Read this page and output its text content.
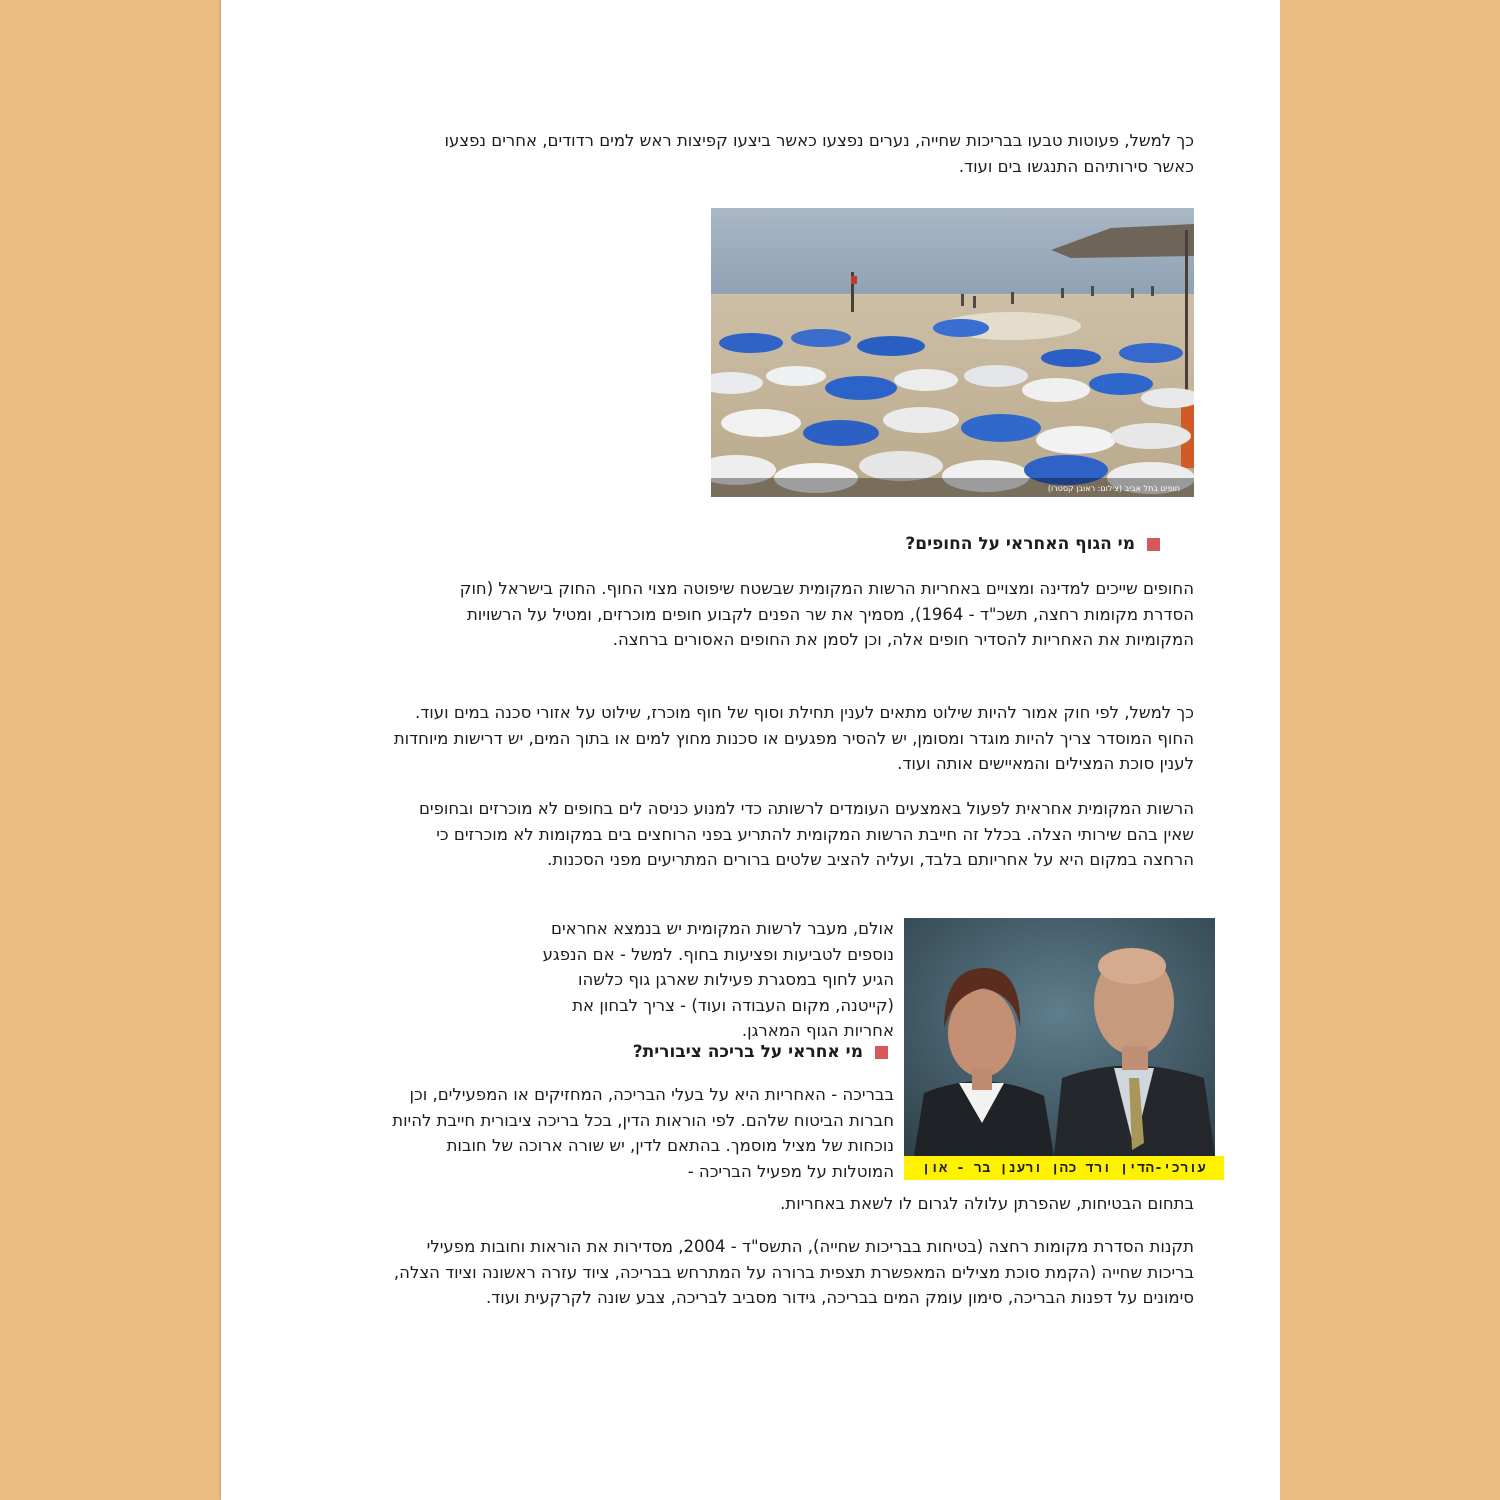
כך למשל, פעוטות טבעו בבריכות שחייה, נערים נפצעו כאשר ביצעו קפיצות ראש למים רדודים, אחרים נפצעו כאשר סירותיהם התנגשו בים ועוד.

חופים בתל אביב (צילום: ראובן קסטרו)
מי הגוף האחראי על החופים?

החופים שייכים למדינה ומצויים באחריות הרשות המקומית שבשטח שיפוטה מצוי החוף. החוק בישראל (חוק הסדרת מקומות רחצה, תשכ"ד - 1964), מסמיך את שר הפנים לקבוע חופים מוכרזים, ומטיל על הרשויות המקומיות את האחריות להסדיר חופים אלה, וכן לסמן את החופים האסורים ברחצה.

כך למשל, לפי חוק אמור להיות שילוט מתאים לענין תחילת וסוף של חוף מוכרז, שילוט על אזורי סכנה במים ועוד. החוף המוסדר צריך להיות מוגדר ומסומן, יש להסיר מפגעים או סכנות מחוץ למים או בתוך המים, יש דרישות מיוחדות לענין סוכת המצילים והמאיישים אותה ועוד.

הרשות המקומית אחראית לפעול באמצעים העומדים לרשותה כדי למנוע כניסה לים בחופים לא מוכרזים ובחופים שאין בהם שירותי הצלה. בכלל זה חייבת הרשות המקומית להתריע בפני הרוחצים בים במקומות לא מוכרזים כי הרחצה במקום היא על אחריותם בלבד, ועליה להציב שלטים ברורים המתריעים מפני הסכנות.

עורכי-הדין ורד כהן ורענן בר - און

אולם, מעבר לרשות המקומית יש בנמצא אחראים נוספים לטביעות ופציעות בחוף. למשל - אם הנפגע הגיע לחוף במסגרת פעילות שארגן גוף כלשהו (קייטנה, מקום העבודה ועוד) - צריך לבחון את אחריות הגוף המארגן.

מי אחראי על בריכה ציבורית?

בבריכה - האחריות היא על בעלי הבריכה, המחזיקים או המפעילים, וכן חברות הביטוח שלהם. לפי הוראות הדין, בכל בריכה ציבורית חייבת להיות נוכחות של מציל מוסמך. בהתאם לדין, יש שורה ארוכה של חובות המוטלות על מפעיל הבריכה -

בתחום הבטיחות, שהפרתן עלולה לגרום לו לשאת באחריות.

תקנות הסדרת מקומות רחצה (בטיחות בבריכות שחייה), התשס"ד - 2004, מסדירות את הוראות וחובות מפעילי בריכות שחייה (הקמת סוכת מצילים המאפשרת תצפית ברורה על המתרחש בבריכה, ציוד עזרה ראשונה וציוד הצלה, סימונים על דפנות הבריכה, סימון עומק המים בבריכה, גידור מסביב לבריכה, צבע שונה לקרקעית ועוד.
